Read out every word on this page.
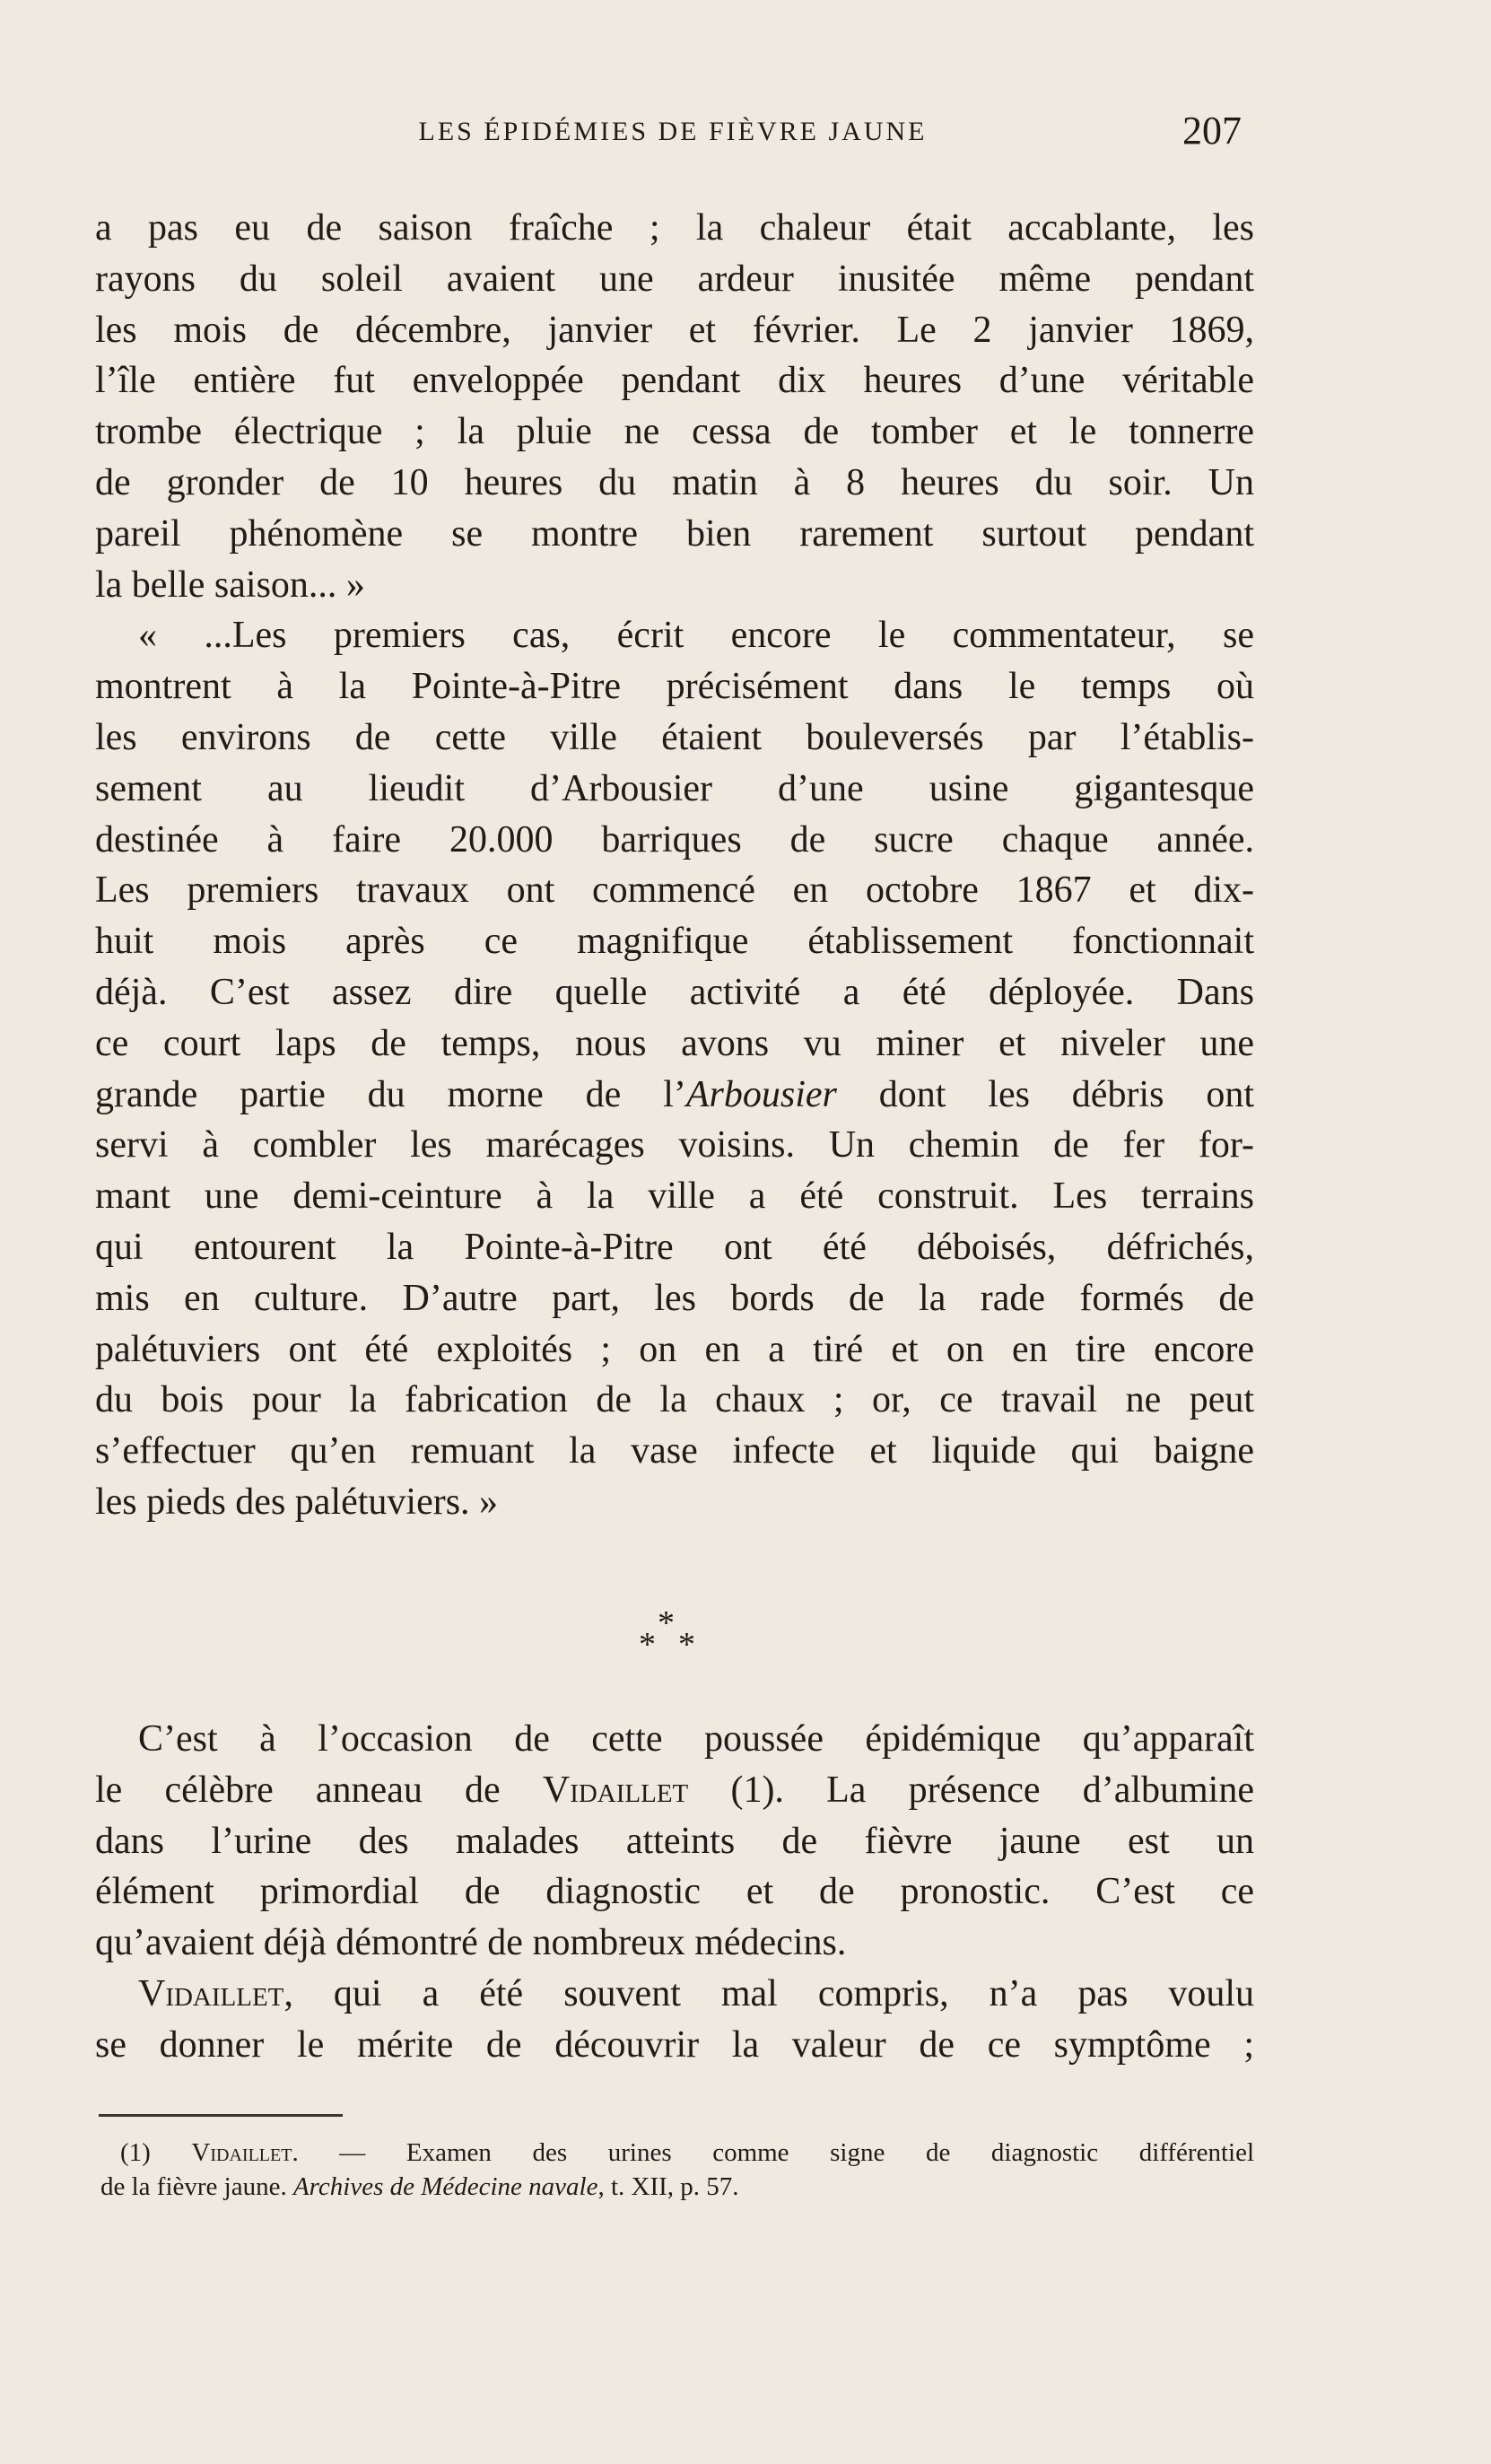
LES ÉPIDÉMIES DE FIÈVRE JAUNE	207
a pas eu de saison fraîche ; la chaleur était accablante, les
rayons du soleil avaient une ardeur inusitée même pendant
les mois de décembre, janvier et février. Le 2 janvier 1869,
l’île entière fut enveloppée pendant dix heures d’une véritable
trombe électrique ; la pluie ne cessa de tomber et le tonnerre
de gronder de 10 heures du matin à 8 heures du soir. Un
pareil phénomène se montre bien rarement surtout pendant
la belle saison... »
« ...Les premiers cas, écrit encore le commentateur, se
montrent à la Pointe-à-Pitre précisément dans le temps où
les environs de cette ville étaient bouleversés par l’établis-
sement au lieudit d’Arbousier d’une usine gigantesque
destinée à faire 20.000 barriques de sucre chaque année.
Les premiers travaux ont commencé en octobre 1867 et dix-
huit mois après ce magnifique établissement fonctionnait
déjà. C’est assez dire quelle activité a été déployée. Dans
ce court laps de temps, nous avons vu miner et niveler une
grande partie du morne de l’Arbousier dont les débris ont
servi à combler les marécages voisins. Un chemin de fer for-
mant une demi-ceinture à la ville a été construit. Les terrains
qui entourent la Pointe-à-Pitre ont été déboisés, défrichés,
mis en culture. D’autre part, les bords de la rade formés de
palétuviers ont été exploités ; on en a tiré et on en tire encore
du bois pour la fabrication de la chaux ; or, ce travail ne peut
s’effectuer qu’en remuant la vase infecte et liquide qui baigne
les pieds des palétuviers. »
*
* *
C’est à l’occasion de cette poussée épidémique qu’apparaît
le célèbre anneau de Vidaillet (1). La présence d’albumine
dans l’urine des malades atteints de fièvre jaune est un
élément primordial de diagnostic et de pronostic. C’est ce
qu’avaient déjà démontré de nombreux médecins.
Vidaillet, qui a été souvent mal compris, n’a pas voulu
se donner le mérite de découvrir la valeur de ce symptôme ;
(1) Vidaillet. — Examen des urines comme signe de diagnostic différentiel
de la fièvre jaune. Archives de Médecine navale, t. XII, p. 57.
